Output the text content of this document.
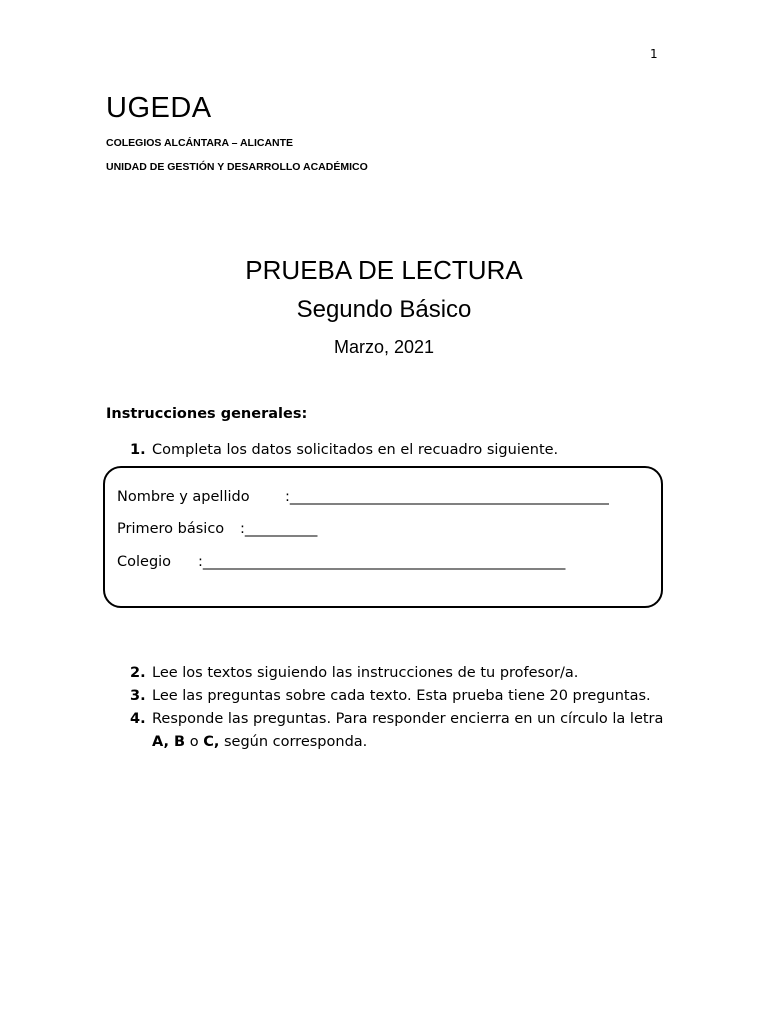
1
UGEDA
COLEGIOS ALCÁNTARA – ALICANTE
UNIDAD DE GESTIÓN Y DESARROLLO ACADÉMICO
PRUEBA DE LECTURA
Segundo Básico
Marzo, 2021
Instrucciones generales:
1. Completa los datos solicitados en el recuadro siguiente.
Nombre y apellido :____________________________________________
Primero básico :__________
Colegio :__________________________________________________
2. Lee los textos siguiendo las instrucciones de tu profesor/a.
3. Lee las preguntas sobre cada texto. Esta prueba tiene 20 preguntas.
4. Responde las preguntas. Para responder encierra en un círculo la letra
A, B o C, según corresponda.
